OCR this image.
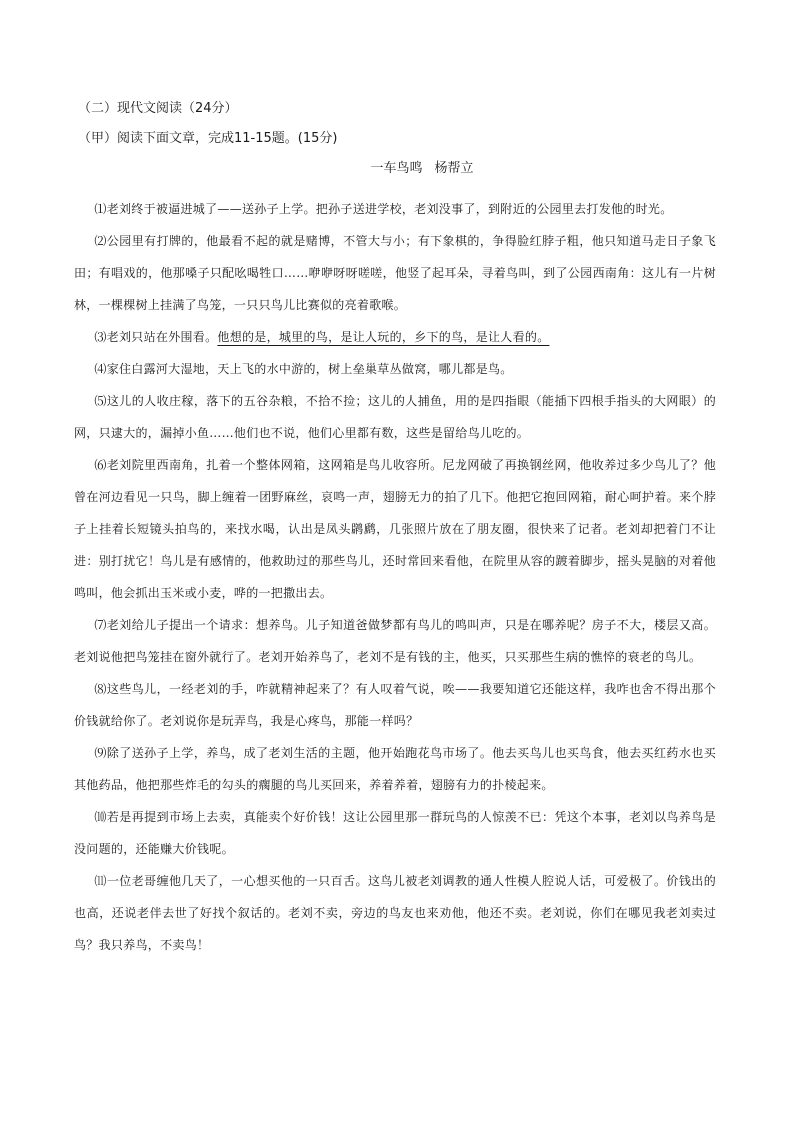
（二）现代文阅读（24分）

（甲）阅读下面文章，完成11-15题。(15分)

一车鸟鸣 杨帮立

⑴老刘终于被逼进城了——送孙子上学。把孙子送进学校，老刘没事了，到附近的公园里去打发他的时光。

⑵公园里有打牌的，他最看不起的就是赌博，不管大与小；有下象棋的，争得脸红脖子粗，他只知道马走日子象飞田；有唱戏的，他那嗓子只配吆喝牲口……咿咿呀呀嗟嗟，他竖了起耳朵，寻着鸟叫，到了公园西南角：这儿有一片树林，一棵棵树上挂满了鸟笼，一只只鸟儿比赛似的亮着歌喉。

⑶老刘只站在外围看。他想的是，城里的鸟，是让人玩的，乡下的鸟，是让人看的。

⑷家住白露河大湿地，天上飞的水中游的，树上垒巢草丛做窝，哪儿都是鸟。

⑸这儿的人收庄稼，落下的五谷杂粮，不拾不捡；这儿的人捕鱼，用的是四指眼（能插下四根手指头的大网眼）的网，只逮大的，漏掉小鱼……他们也不说，他们心里都有数，这些是留给鸟儿吃的。

⑹老刘院里西南角，扎着一个整体网箱，这网箱是鸟儿收容所。尼龙网破了再换钢丝网，他收养过多少鸟儿了？他曾在河边看见一只鸟，脚上缠着一团野麻丝，哀鸣一声，翅膀无力的拍了几下。他把它抱回网箱，耐心呵护着。来个脖子上挂着长短镜头拍鸟的，来找水喝，认出是凤头䴙䴘，几张照片放在了朋友圈，很快来了记者。老刘却把着门不让进：别打扰它！鸟儿是有感情的，他救助过的那些鸟儿，还时常回来看他，在院里从容的踱着脚步，摇头晃脑的对着他鸣叫，他会抓出玉米或小麦，哗的一把撒出去。

⑺老刘给儿子提出一个请求：想养鸟。儿子知道爸做梦都有鸟儿的鸣叫声，只是在哪养呢？房子不大，楼层又高。老刘说他把鸟笼挂在窗外就行了。老刘开始养鸟了，老刘不是有钱的主，他买，只买那些生病的憔悴的衰老的鸟儿。

⑻这些鸟儿，一经老刘的手，咋就精神起来了？有人叹着气说，唉——我要知道它还能这样，我咋也舍不得出那个价钱就给你了。老刘说你是玩弄鸟，我是心疼鸟，那能一样吗？

⑼除了送孙子上学，养鸟，成了老刘生活的主题，他开始跑花鸟市场了。他去买鸟儿也买鸟食，他去买红药水也买其他药品，他把那些炸毛的勾头的瘸腿的鸟儿买回来，养着养着，翅膀有力的扑棱起来。

⑽若是再提到市场上去卖，真能卖个好价钱！这让公园里那一群玩鸟的人惊羡不已：凭这个本事，老刘以鸟养鸟是没问题的，还能赚大价钱呢。

⑾一位老哥缠他几天了，一心想买他的一只百舌。这鸟儿被老刘调教的通人性模人腔说人话，可爱极了。价钱出的也高，还说老伴去世了好找个叙话的。老刘不卖，旁边的鸟友也来劝他，他还不卖。老刘说，你们在哪见我老刘卖过鸟？我只养鸟，不卖鸟！
